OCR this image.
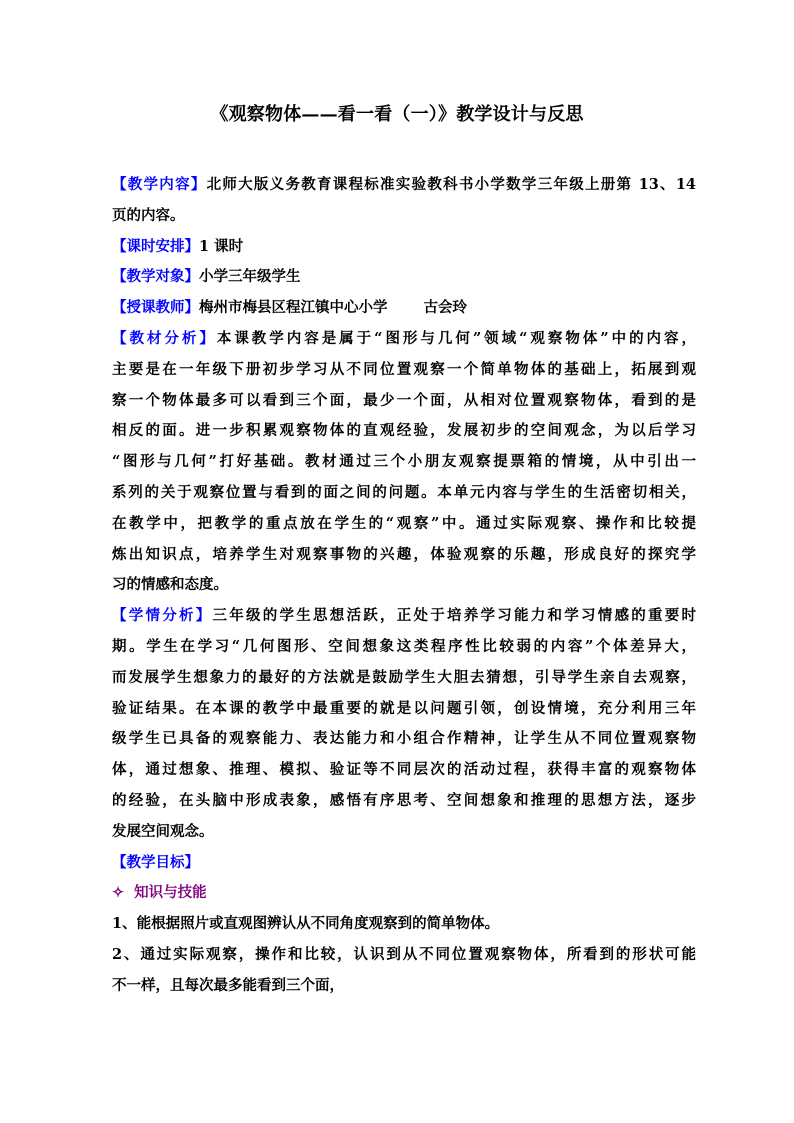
《观察物体——看一看（一）》教学设计与反思
【教学内容】北师大版义务教育课程标准实验教科书小学数学三年级上册第 13、14
页的内容。
【课时安排】1 课时
【教学对象】小学三年级学生
【授课教师】梅州市梅县区程江镇中心小学 古会玲
【教材分析】本课教学内容是属于“图形与几何”领域“观察物体”中的内容，
主要是在一年级下册初步学习从不同位置观察一个简单物体的基础上，拓展到观
察一个物体最多可以看到三个面，最少一个面，从相对位置观察物体，看到的是
相反的面。进一步积累观察物体的直观经验，发展初步的空间观念，为以后学习
“图形与几何”打好基础。教材通过三个小朋友观察提票箱的情境，从中引出一
系列的关于观察位置与看到的面之间的问题。本单元内容与学生的生活密切相关，
在教学中，把教学的重点放在学生的“观察”中。通过实际观察、操作和比较提
炼出知识点，培养学生对观察事物的兴趣，体验观察的乐趣，形成良好的探究学
习的情感和态度。
【学情分析】三年级的学生思想活跃，正处于培养学习能力和学习情感的重要时
期。学生在学习“几何图形、空间想象这类程序性比较弱的内容”个体差异大，
而发展学生想象力的最好的方法就是鼓励学生大胆去猜想，引导学生亲自去观察，
验证结果。在本课的教学中最重要的就是以问题引领，创设情境，充分利用三年
级学生已具备的观察能力、表达能力和小组合作精神，让学生从不同位置观察物
体，通过想象、推理、模拟、验证等不同层次的活动过程，获得丰富的观察物体
的经验，在头脑中形成表象，感悟有序思考、空间想象和推理的思想方法，逐步
发展空间观念。
【教学目标】
✧ 知识与技能
1、能根据照片或直观图辨认从不同角度观察到的简单物体。
2、通过实际观察，操作和比较，认识到从不同位置观察物体，所看到的形状可能
不一样，且每次最多能看到三个面，
